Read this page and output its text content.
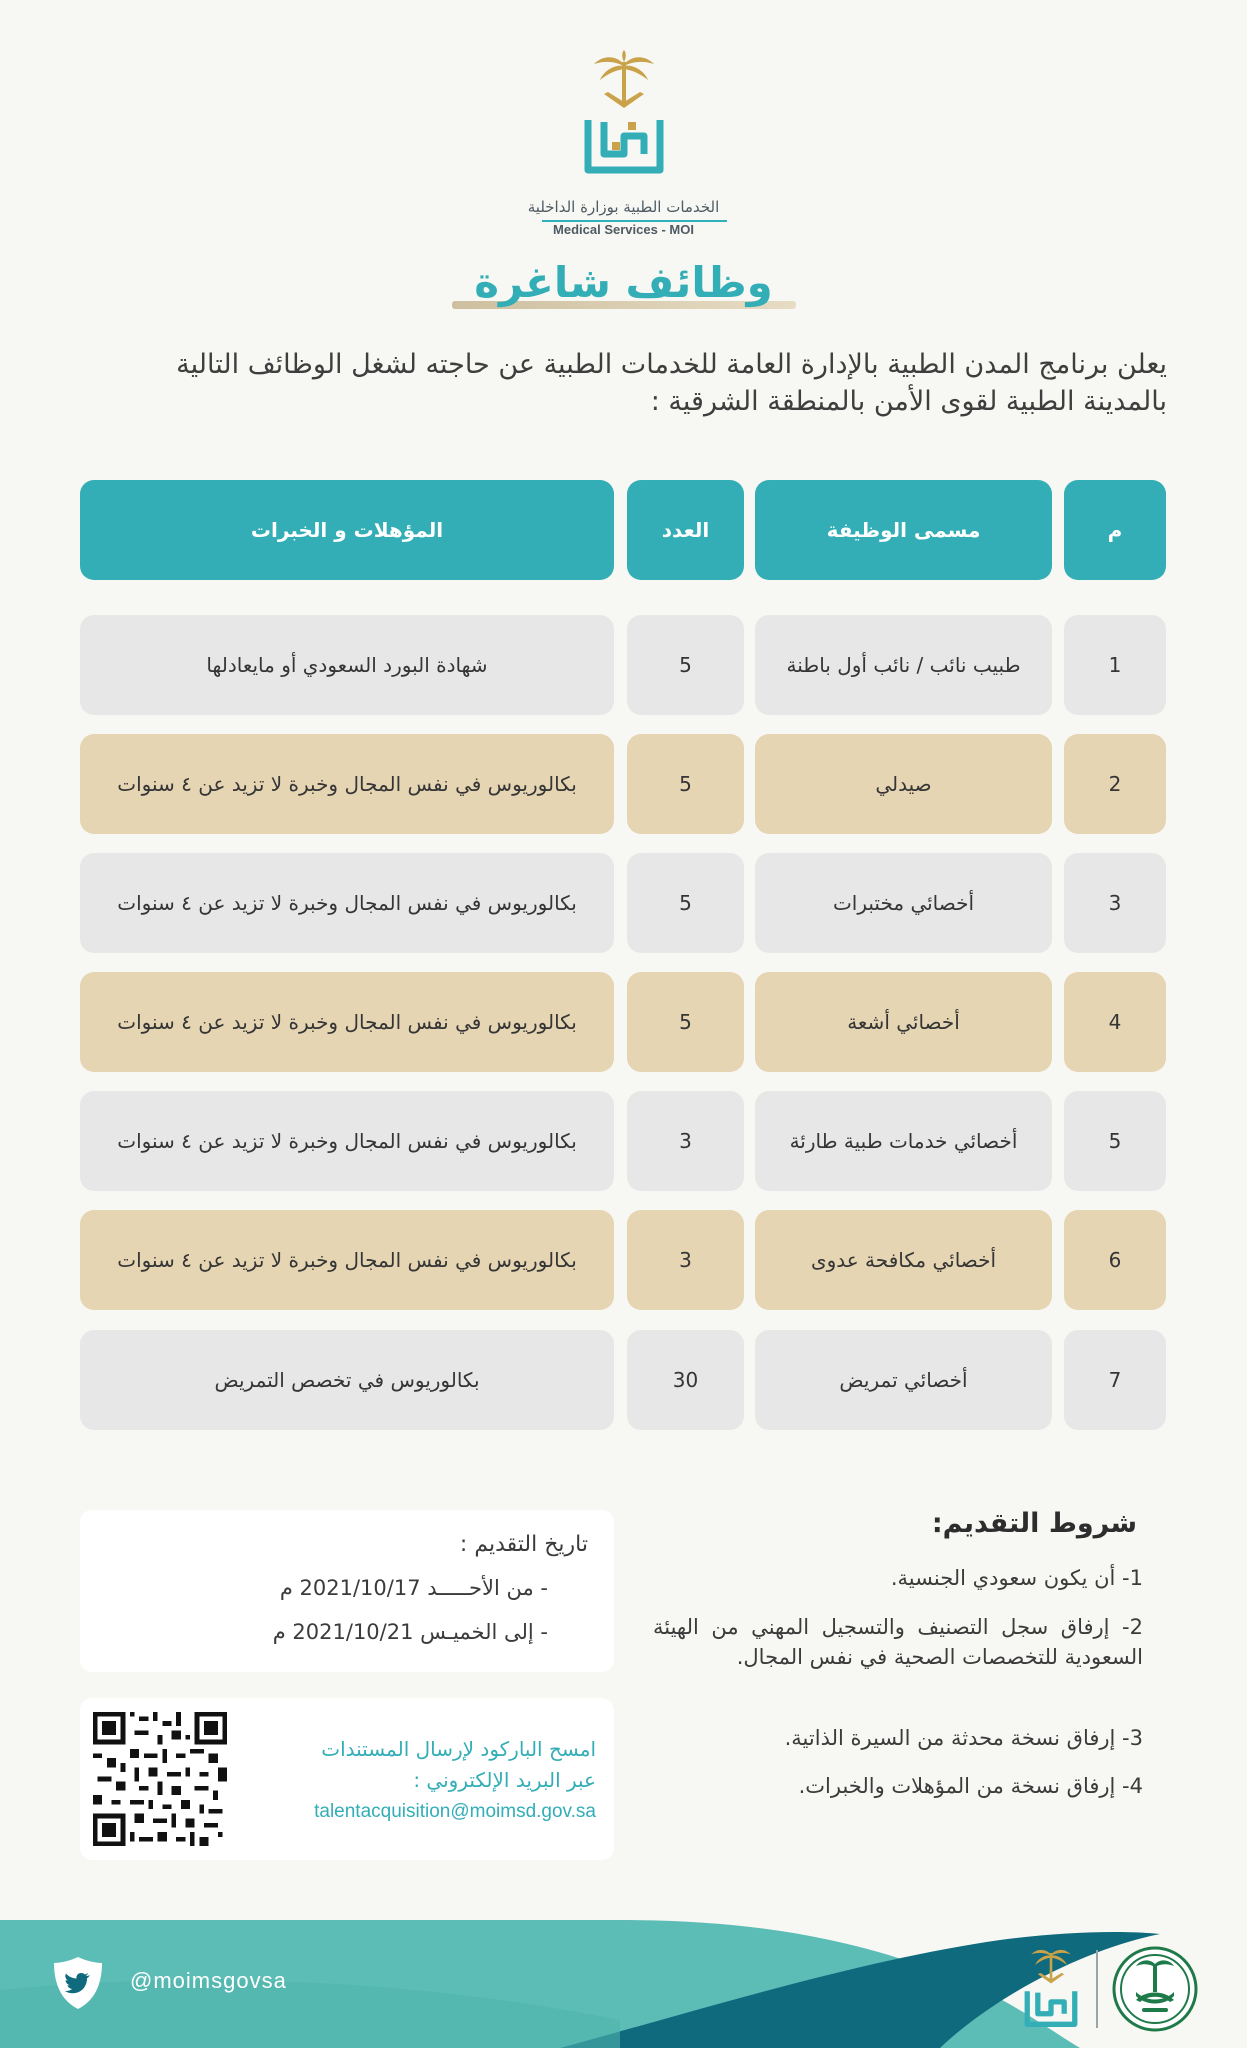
الخدمات الطبية بوزارة الداخلية
Medical Services - MOI
وظائف شاغرة
يعلن برنامج المدن الطبية بالإدارة العامة للخدمات الطبية عن حاجته لشغل الوظائف التالية بالمدينة الطبية لقوى الأمن بالمنطقة الشرقية :
م
مسمى الوظيفة
العدد
المؤهلات و الخبرات
1
طبيب نائب / نائب أول باطنة
5
شهادة البورد السعودي أو مايعادلها
2
صيدلي
5
بكالوريوس في نفس المجال وخبرة لا تزيد عن ٤ سنوات
3
أخصائي مختبرات
5
بكالوريوس في نفس المجال وخبرة لا تزيد عن ٤ سنوات
4
أخصائي أشعة
5
بكالوريوس في نفس المجال وخبرة لا تزيد عن ٤ سنوات
5
أخصائي خدمات طبية طارئة
3
بكالوريوس في نفس المجال وخبرة لا تزيد عن ٤ سنوات
6
أخصائي مكافحة عدوى
3
بكالوريوس في نفس المجال وخبرة لا تزيد عن ٤ سنوات
7
أخصائي تمريض
30
بكالوريوس في تخصص التمريض
تاريخ التقديم :
- من الأحـــــد 2021/10/17 م
- إلى الخميـس 2021/10/21 م
امسح الباركود لإرسال المستندات
عبر البريد الإلكتروني :
talentacquisition@moimsd.gov.sa
شروط التقديم:
1- أن يكون سعودي الجنسية.
2- إرفاق سجل التصنيف والتسجيل المهني من الهيئة السعودية للتخصصات الصحية في نفس المجال.
3- إرفاق نسخة محدثة من السيرة الذاتية.
4- إرفاق نسخة من المؤهلات والخبرات.
@moimsgovsa
